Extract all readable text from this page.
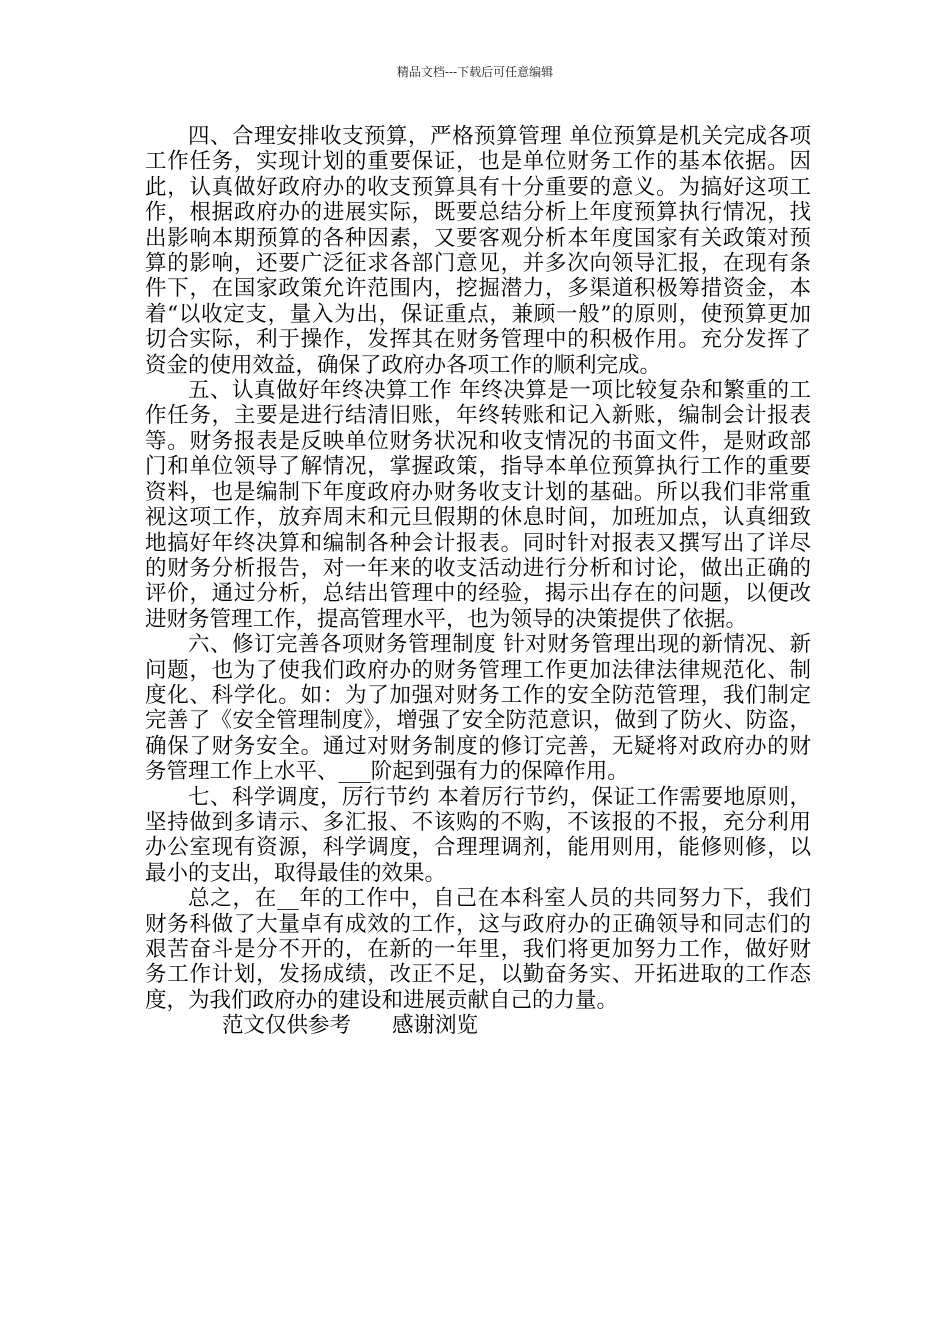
精品文档---下载后可任意编辑

四、合理安排收支预算，严格预算管理 单位预算是机关完成各项工作任务，实现计划的重要保证，也是单位财务工作的基本依据。因此，认真做好政府办的收支预算具有十分重要的意义。为搞好这项工作，根据政府办的进展实际，既要总结分析上年度预算执行情况，找出影响本期预算的各种因素，又要客观分析本年度国家有关政策对预算的影响，还要广泛征求各部门意见，并多次向领导汇报，在现有条件下，在国家政策允许范围内，挖掘潜力，多渠道积极筹措资金，本着“以收定支，量入为出，保证重点，兼顾一般”的原则，使预算更加切合实际，利于操作，发挥其在财务管理中的积极作用。充分发挥了资金的使用效益，确保了政府办各项工作的顺利完成。

五、认真做好年终决算工作 年终决算是一项比较复杂和繁重的工作任务，主要是进行结清旧账，年终转账和记入新账，编制会计报表等。财务报表是反映单位财务状况和收支情况的书面文件，是财政部门和单位领导了解情况，掌握政策，指导本单位预算执行工作的重要资料，也是编制下年度政府办财务收支计划的基础。所以我们非常重视这项工作，放弃周末和元旦假期的休息时间，加班加点，认真细致地搞好年终决算和编制各种会计报表。同时针对报表又撰写出了详尽的财务分析报告，对一年来的收支活动进行分析和讨论，做出正确的评价，通过分析，总结出管理中的经验，揭示出存在的问题，以便改进财务管理工作，提高管理水平，也为领导的决策提供了依据。

六、修订完善各项财务管理制度 针对财务管理出现的新情况、新问题，也为了使我们政府办的财务管理工作更加法律法律规范化、制度化、科学化。如：为了加强对财务工作的安全防范管理，我们制定完善了《安全管理制度》，增强了安全防范意识，做到了防火、防盗，确保了财务安全。通过对财务制度的修订完善，无疑将对政府办的财务管理工作上水平、___阶起到强有力的保障作用。

七、科学调度，厉行节约 本着厉行节约，保证工作需要地原则，坚持做到多请示、多汇报、不该购的不购，不该报的不报，充分利用办公室现有资源，科学调度，合理理调剂，能用则用，能修则修，以最小的支出，取得最佳的效果。

总之，在__年的工作中，自己在本科室人员的共同努力下，我们财务科做了大量卓有成效的工作，这与政府办的正确领导和同志们的艰苦奋斗是分不开的，在新的一年里，我们将更加努力工作，做好财务工作计划，发扬成绩，改正不足，以勤奋务实、开拓进取的工作态度，为我们政府办的建设和进展贡献自己的力量。

范文仅供参考      感谢浏览
